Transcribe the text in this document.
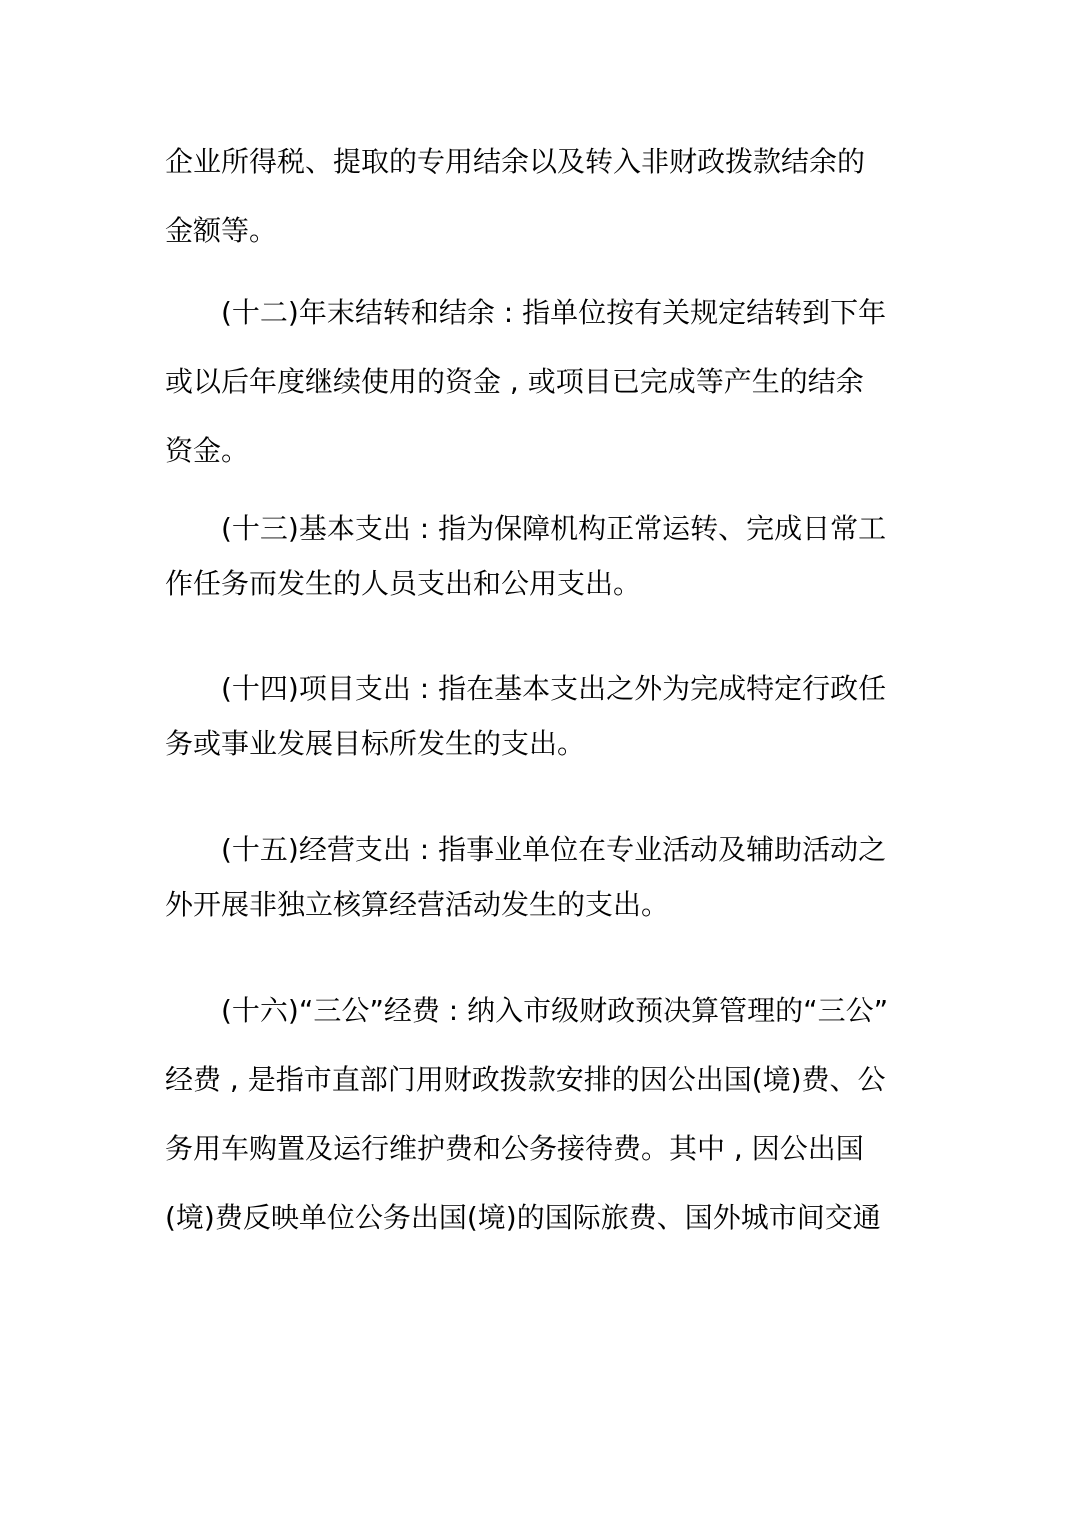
企业所得税、提取的专用结余以及转入非财政拨款结余的
金额等。
(十二)年末结转和结余 : 指单位按有关规定结转到下年
或以后年度继续使用的资金 , 或项目已完成等产生的结余
资金。
(十三)基本支出 : 指为保障机构正常运转、完成日常工
作任务而发生的人员支出和公用支出。
(十四)项目支出 : 指在基本支出之外为完成特定行政任
务或事业发展目标所发生的支出。
(十五)经营支出 : 指事业单位在专业活动及辅助活动之
外开展非独立核算经营活动发生的支出。
(十六)“三公”经费 : 纳入市级财政预决算管理的“三公”
经费 , 是指市直部门用财政拨款安排的因公出国(境)费、公
务用车购置及运行维护费和公务接待费。其中 , 因公出国
(境)费反映单位公务出国(境)的国际旅费、国外城市间交通
